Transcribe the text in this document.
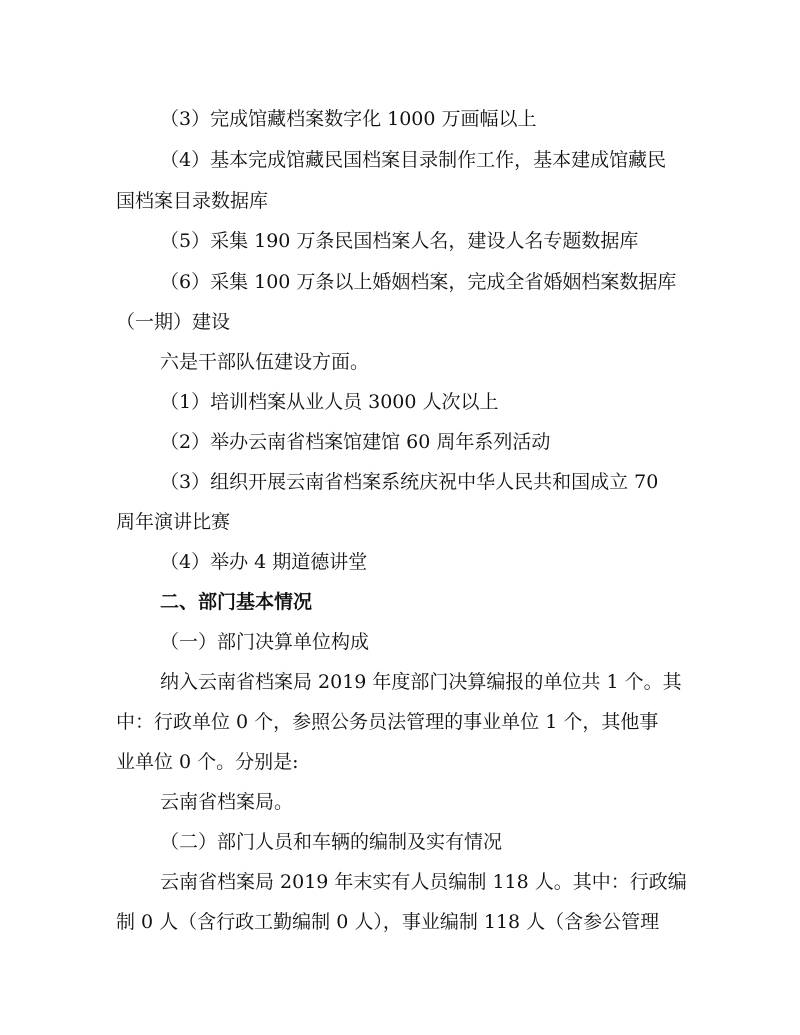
（3）完成馆藏档案数字化 1000 万画幅以上
（4）基本完成馆藏民国档案目录制作工作，基本建成馆藏民
国档案目录数据库
（5）采集 190 万条民国档案人名，建设人名专题数据库
（6）采集 100 万条以上婚姻档案，完成全省婚姻档案数据库
（一期）建设
六是干部队伍建设方面。
（1）培训档案从业人员 3000 人次以上
（2）举办云南省档案馆建馆 60 周年系列活动
（3）组织开展云南省档案系统庆祝中华人民共和国成立 70
周年演讲比赛
（4）举办 4 期道德讲堂
二、部门基本情况
（一）部门决算单位构成
纳入云南省档案局 2019 年度部门决算编报的单位共 1 个。其
中：行政单位 0 个，参照公务员法管理的事业单位 1 个，其他事
业单位 0 个。分别是:
云南省档案局。
（二）部门人员和车辆的编制及实有情况
云南省档案局 2019 年末实有人员编制 118 人。其中：行政编
制 0 人（含行政工勤编制 0 人），事业编制 118 人（含参公管理
